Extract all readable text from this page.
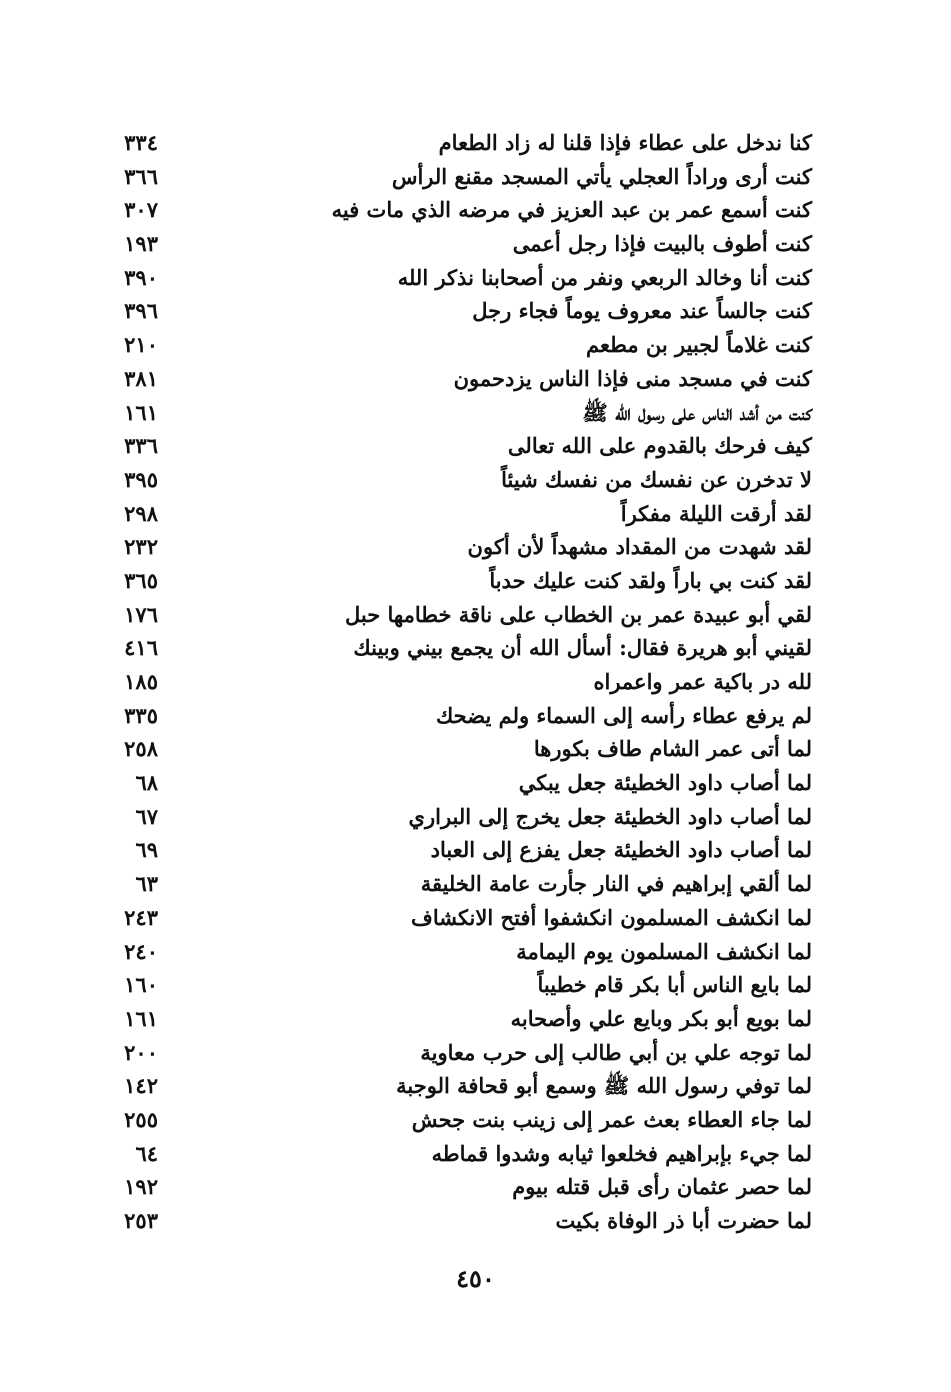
كنا ندخل على عطاء فإذا قلنا له زاد الطعام
٣٣٤
كنت أرى وراداً العجلي يأتي المسجد مقنع الرأس
٣٦٦
كنت أسمع عمر بن عبد العزيز في مرضه الذي مات فيه
٣٠٧
كنت أطوف بالبيت فإذا رجل أعمى
١٩٣
كنت أنا وخالد الربعي ونفر من أصحابنا نذكر الله
٣٩٠
كنت جالساً عند معروف يوماً فجاء رجل
٣٩٦
كنت غلاماً لجبير بن مطعم
٢١٠
كنت في مسجد منى فإذا الناس يزدحمون
٣٨١
كنت من أشد الناس على رسول الله ﷺ
١٦١
كيف فرحك بالقدوم على الله تعالى
٣٣٦
لا تدخرن عن نفسك من نفسك شيئاً
٣٩٥
لقد أرقت الليلة مفكراً
٢٩٨
لقد شهدت من المقداد مشهداً لأن أكون
٢٣٢
لقد كنت بي باراً ولقد كنت عليك حدباً
٣٦٥
لقي أبو عبيدة عمر بن الخطاب على ناقة خطامها حبل
١٧٦
لقيني أبو هريرة فقال: أسأل الله أن يجمع بيني وبينك
٤١٦
لله در باكية عمر واعمراه
١٨٥
لم يرفع عطاء رأسه إلى السماء ولم يضحك
٣٣٥
لما أتى عمر الشام طاف بكورها
٢٥٨
لما أصاب داود الخطيئة جعل يبكي
٦٨
لما أصاب داود الخطيئة جعل يخرج إلى البراري
٦٧
لما أصاب داود الخطيئة جعل يفزع إلى العباد
٦٩
لما ألقي إبراهيم في النار جأرت عامة الخليقة
٦٣
لما انكشف المسلمون انكشفوا أفتح الانكشاف
٢٤٣
لما انكشف المسلمون يوم اليمامة
٢٤٠
لما بايع الناس أبا بكر قام خطيباً
١٦٠
لما بويع أبو بكر وبايع علي وأصحابه
١٦١
لما توجه علي بن أبي طالب إلى حرب معاوية
٢٠٠
لما توفي رسول الله ﷺ وسمع أبو قحافة الوجبة
١٤٢
لما جاء العطاء بعث عمر إلى زينب بنت جحش
٢٥٥
لما جيء بإبراهيم فخلعوا ثيابه وشدوا قماطه
٦٤
لما حصر عثمان رأى قبل قتله بيوم
١٩٢
لما حضرت أبا ذر الوفاة بكيت
٢٥٣
٤٥٠
